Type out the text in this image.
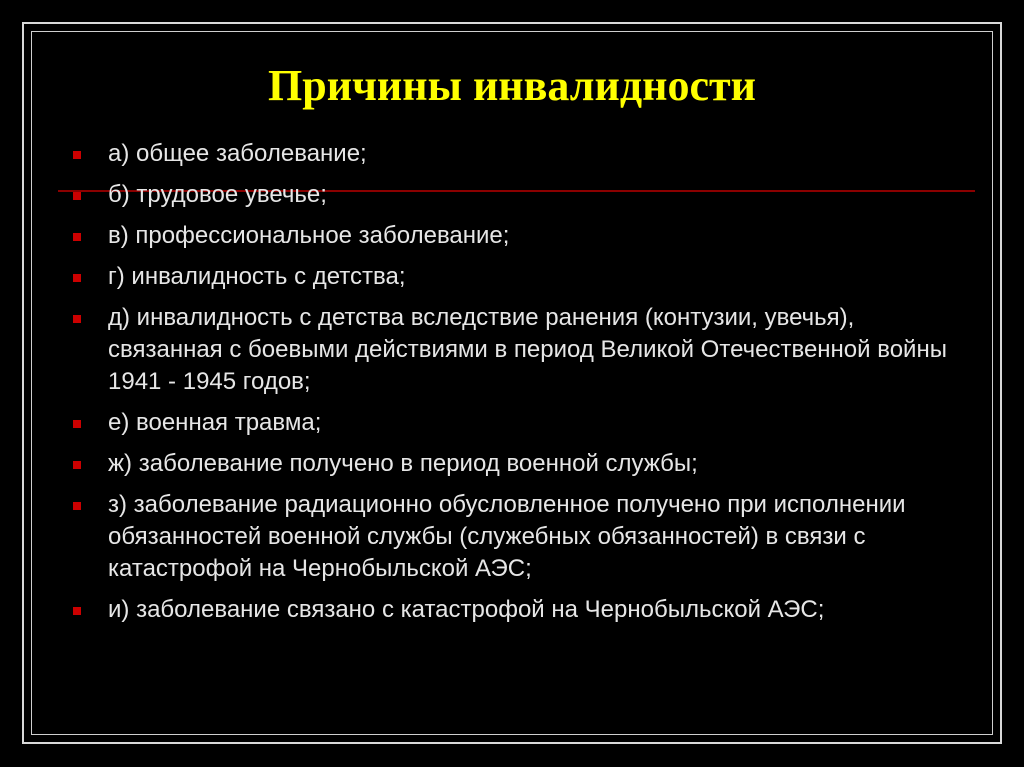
Причины инвалидности
а) общее заболевание;
б) трудовое увечье;
в) профессиональное заболевание;
г) инвалидность с детства;
д) инвалидность с детства вследствие ранения (контузии, увечья), связанная с боевыми действиями в период Великой Отечественной войны 1941 - 1945 годов;
е) военная травма;
ж) заболевание получено в период военной службы;
з) заболевание радиационно обусловленное получено при исполнении обязанностей военной службы (служебных обязанностей) в связи с катастрофой на Чернобыльской АЭС;
и) заболевание связано с катастрофой на Чернобыльской АЭС;
